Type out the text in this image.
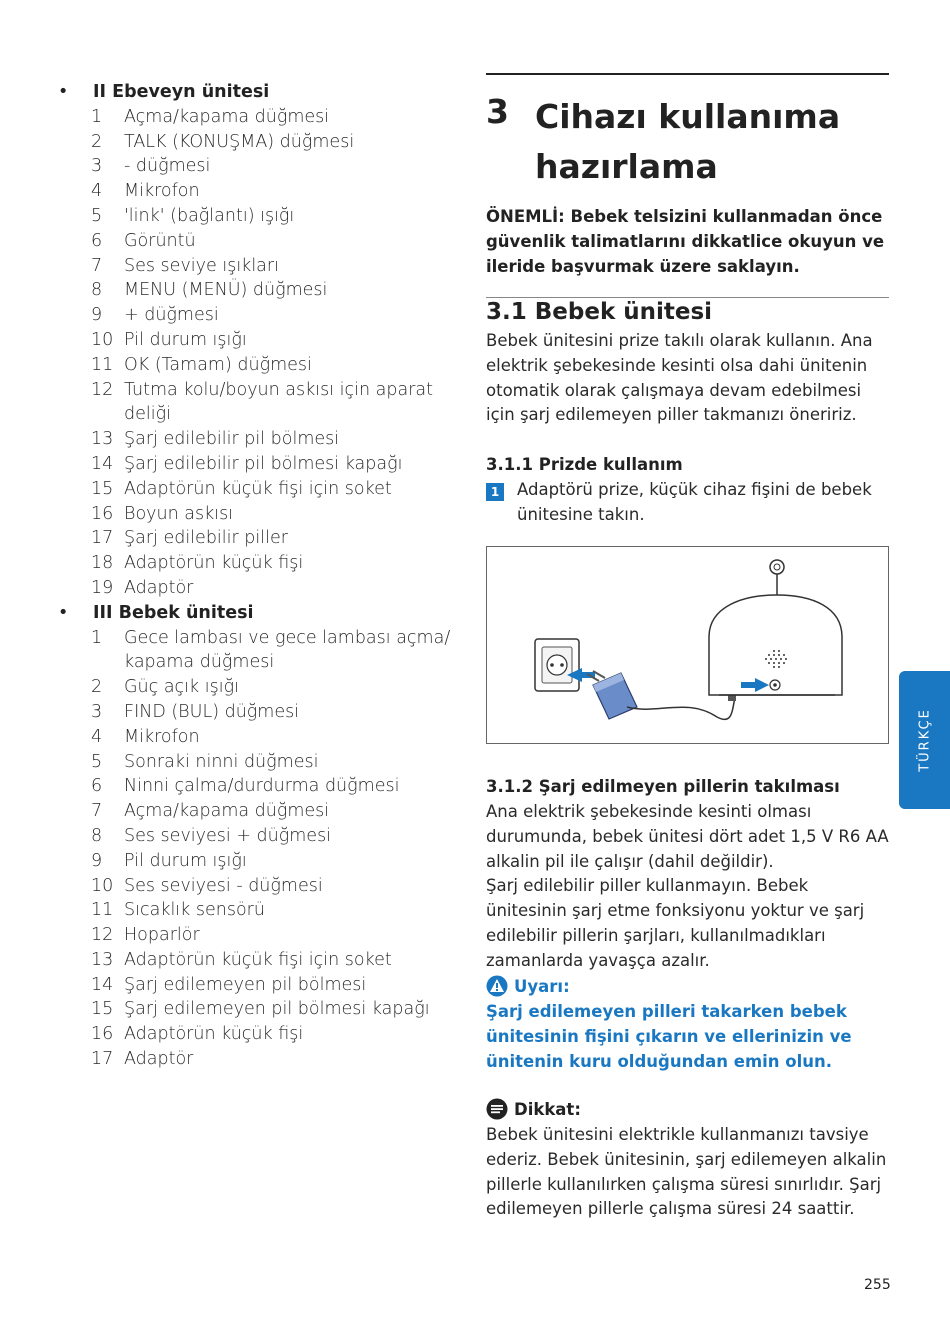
• II Ebeveyn ünitesi
1	Açma/kapama düğmesi
2	TALK (KONUŞMA) düğmesi
3	- düğmesi
4	Mikrofon
5	'link' (bağlantı) ışığı
6	Görüntü
7	Ses seviye ışıkları
8	MENU (MENÜ) düğmesi
9	+ düğmesi
10 Pil durum ışığı
11 OK (Tamam) düğmesi
12 Tutma kolu/boyun askısı için aparat deliği
13 Şarj edilebilir pil bölmesi
14 Şarj edilebilir pil bölmesi kapağı
15 Adaptörün küçük fişi için soket
16 Boyun askısı
17 Şarj edilebilir piller
18 Adaptörün küçük fişi
19 Adaptör
• III Bebek ünitesi
1	Gece lambası ve gece lambası açma/ kapama düğmesi
2	Güç açık ışığı
3	FIND (BUL) düğmesi
4	Mikrofon
5	Sonraki ninni düğmesi
6	Ninni çalma/durdurma düğmesi
7	Açma/kapama düğmesi
8	Ses seviyesi + düğmesi
9	Pil durum ışığı
10 Ses seviyesi - düğmesi
11 Sıcaklık sensörü
12 Hoparlör
13 Adaptörün küçük fişi için soket
14 Şarj edilemeyen pil bölmesi
15 Şarj edilemeyen pil bölmesi kapağı
16 Adaptörün küçük fişi
17 Adaptör
3 Cihazı kullanıma hazırlama
ÖNEMLİ: Bebek telsizini kullanmadan önce güvenlik talimatlarını dikkatlice okuyun ve ileride başvurmak üzere saklayın.
3.1 Bebek ünitesi
Bebek ünitesini prize takılı olarak kullanın. Ana elektrik şebekesinde kesinti olsa dahi ünitenin otomatik olarak çalışmaya devam edebilmesi için şarj edilemeyen piller takmanızı öneririz.
3.1.1 Prizde kullanım
1 Adaptörü prize, küçük cihaz fişini de bebek ünitesine takın.
3.1.2 Şarj edilmeyen pillerin takılması
Ana elektrik şebekesinde kesinti olması durumunda, bebek ünitesi dört adet 1,5 V R6 AA alkalin pil ile çalışır (dahil değildir).
Şarj edilebilir piller kullanmayın. Bebek ünitesinin şarj etme fonksiyonu yoktur ve şarj edilebilir pillerin şarjları, kullanılmadıkları zamanlarda yavaşça azalır.
Uyarı:
Şarj edilemeyen pilleri takarken bebek ünitesinin fişini çıkarın ve ellerinizin ve ünitenin kuru olduğundan emin olun.
Dikkat:
Bebek ünitesini elektrikle kullanmanızı tavsiye ederiz. Bebek ünitesinin, şarj edilemeyen alkalin pillerle kullanılırken çalışma süresi sınırlıdır. Şarj edilemeyen pillerle çalışma süresi 24 saattir.
TÜRKÇE
255
